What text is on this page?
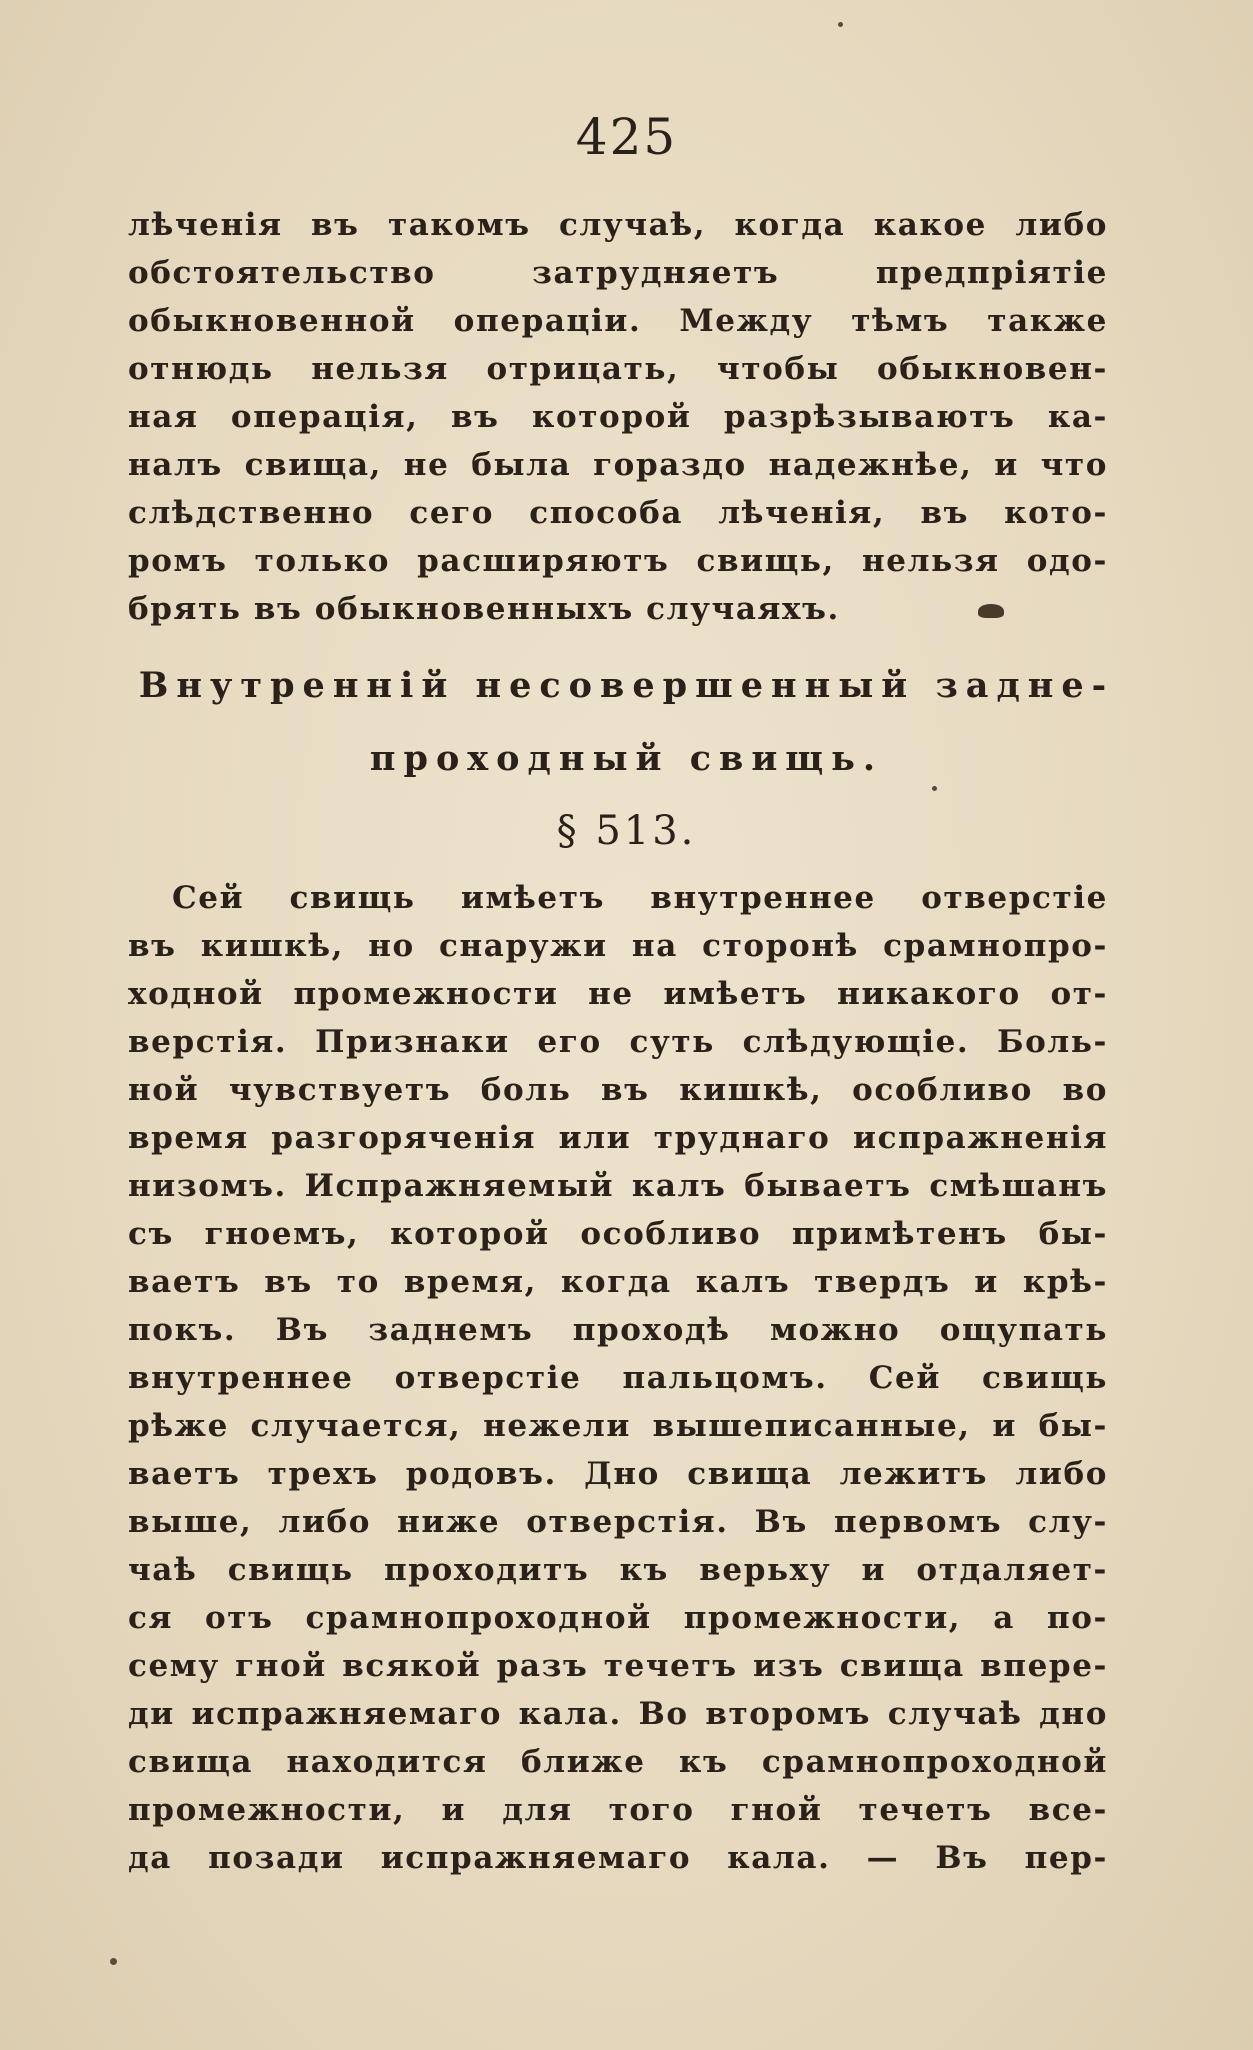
425
лѣченія въ такомъ случаѣ, когда какое либо
обстоятельство затрудняетъ предпріятіе
обыкновенной операціи. Между тѣмъ также
отнюдь нельзя отрицать, чтобы обыкновен-
ная операція, въ которой разрѣзываютъ ка-
налъ свища, не была гораздо надежнѣе, и что
слѣдственно сего способа лѣченія, въ кото-
ромъ только расширяютъ свищь, нельзя одо-
брять въ обыкновенныхъ случаяхъ.
Внутренній несовершенный задне-
проходный свищь.
§ 513.
Сей свищь имѣетъ внутреннее отверстіе
въ кишкѣ, но снаружи на сторонѣ срамнопро-
ходной промежности не имѣетъ никакого от-
верстія. Признаки его суть слѣдующіе. Боль-
ной чувствуетъ боль въ кишкѣ, особливо во
время разгоряченія или труднаго испражненія
низомъ. Испражняемый калъ бываетъ смѣшанъ
съ гноемъ, которой особливо примѣтенъ бы-
ваетъ въ то время, когда калъ твердъ и крѣ-
покъ. Въ заднемъ проходѣ можно ощупать
внутреннее отверстіе пальцомъ. Сей свищь
рѣже случается, нежели вышеписанные, и бы-
ваетъ трехъ родовъ. Дно свища лежитъ либо
выше, либо ниже отверстія. Въ первомъ слу-
чаѣ свищь проходитъ къ верьху и отдаляет-
ся отъ срамнопроходной промежности, а по-
сему гной всякой разъ течетъ изъ свища впере-
ди испражняемаго кала. Во второмъ случаѣ дно
свища находится ближе къ срамнопроходной
промежности, и для того гной течетъ все-
да позади испражняемаго кала. — Въ пер-
